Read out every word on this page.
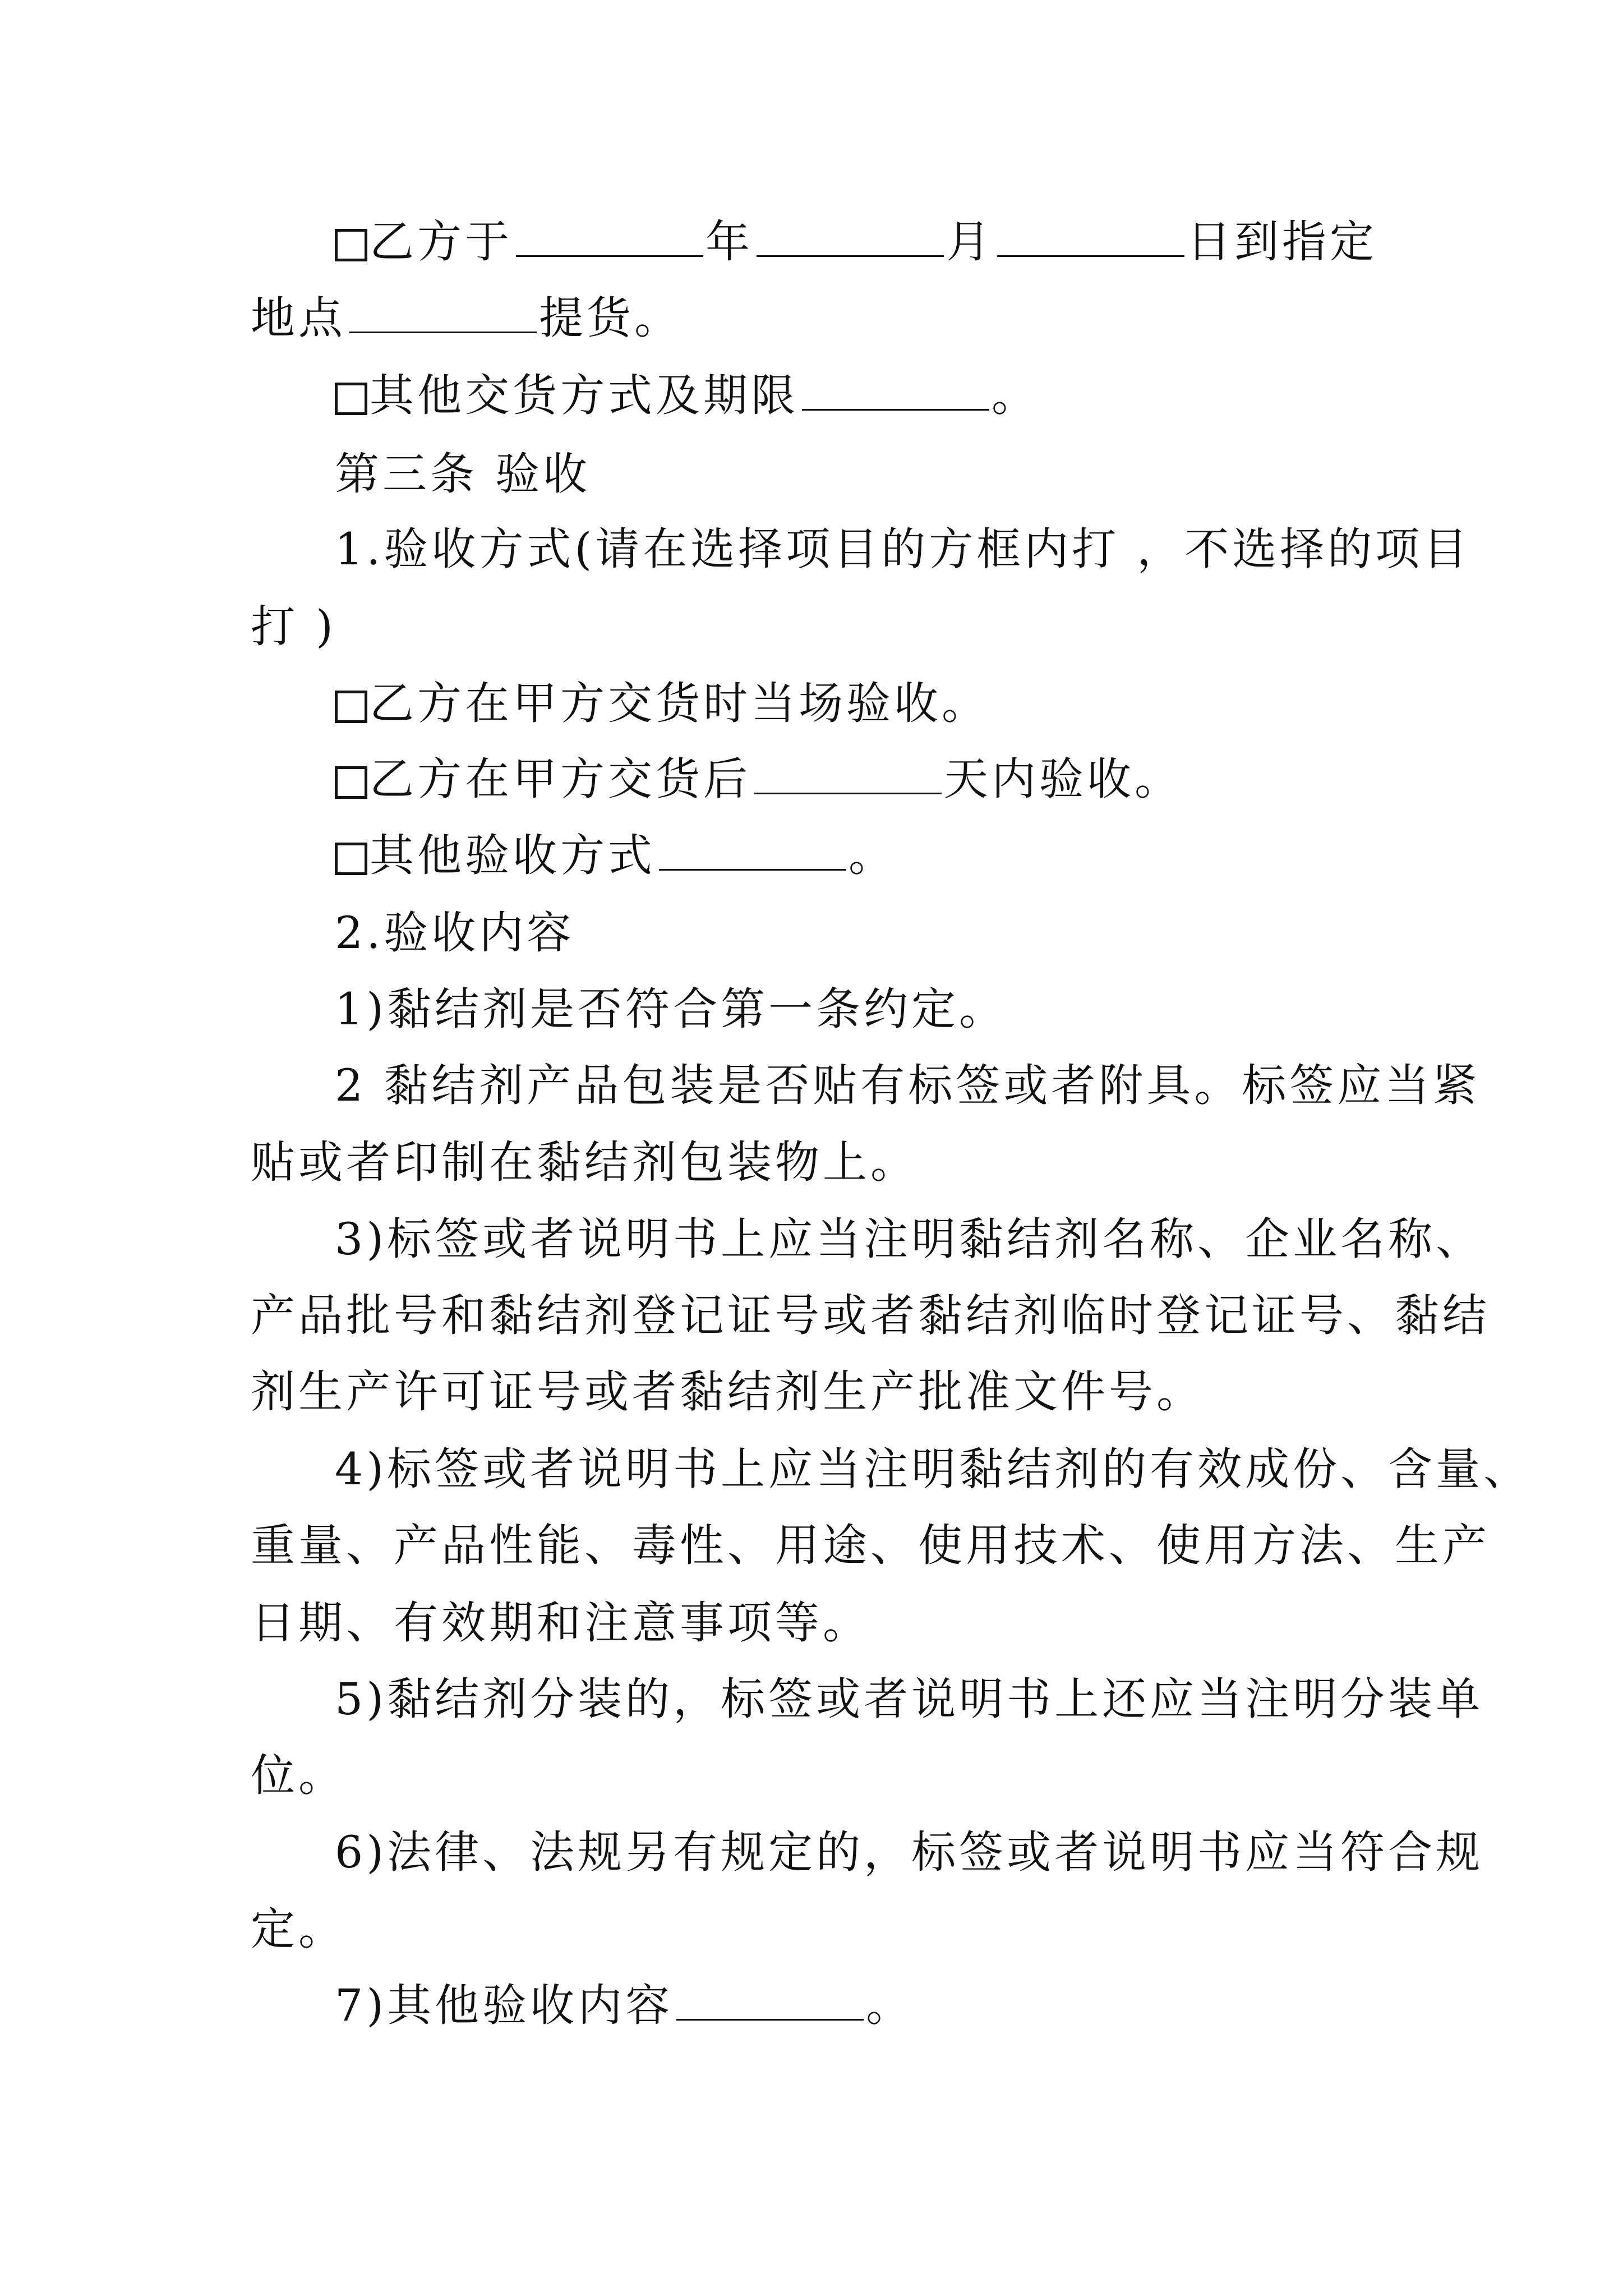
乙方于	年	月	日到指定
地点	提货。
其他交货方式及期限	。
第三条 验收
1.验收方式(请在选择项目的方框内打 ，不选择的项目
打 )
乙方在甲方交货时当场验收。
乙方在甲方交货后	天内验收。
其他验收方式	。
2.验收内容
1)黏结剂是否符合第一条约定。
2 黏结剂产品包装是否贴有标签或者附具。标签应当紧
贴或者印制在黏结剂包装物上。
3)标签或者说明书上应当注明黏结剂名称、企业名称、
产品批号和黏结剂登记证号或者黏结剂临时登记证号、黏结
剂生产许可证号或者黏结剂生产批准文件号。
4)标签或者说明书上应当注明黏结剂的有效成份、含量、
重量、产品性能、毒性、用途、使用技术、使用方法、生产
日期、有效期和注意事项等。
5)黏结剂分装的，标签或者说明书上还应当注明分装单
位。
6)法律、法规另有规定的，标签或者说明书应当符合规
定。
7)其他验收内容	。
